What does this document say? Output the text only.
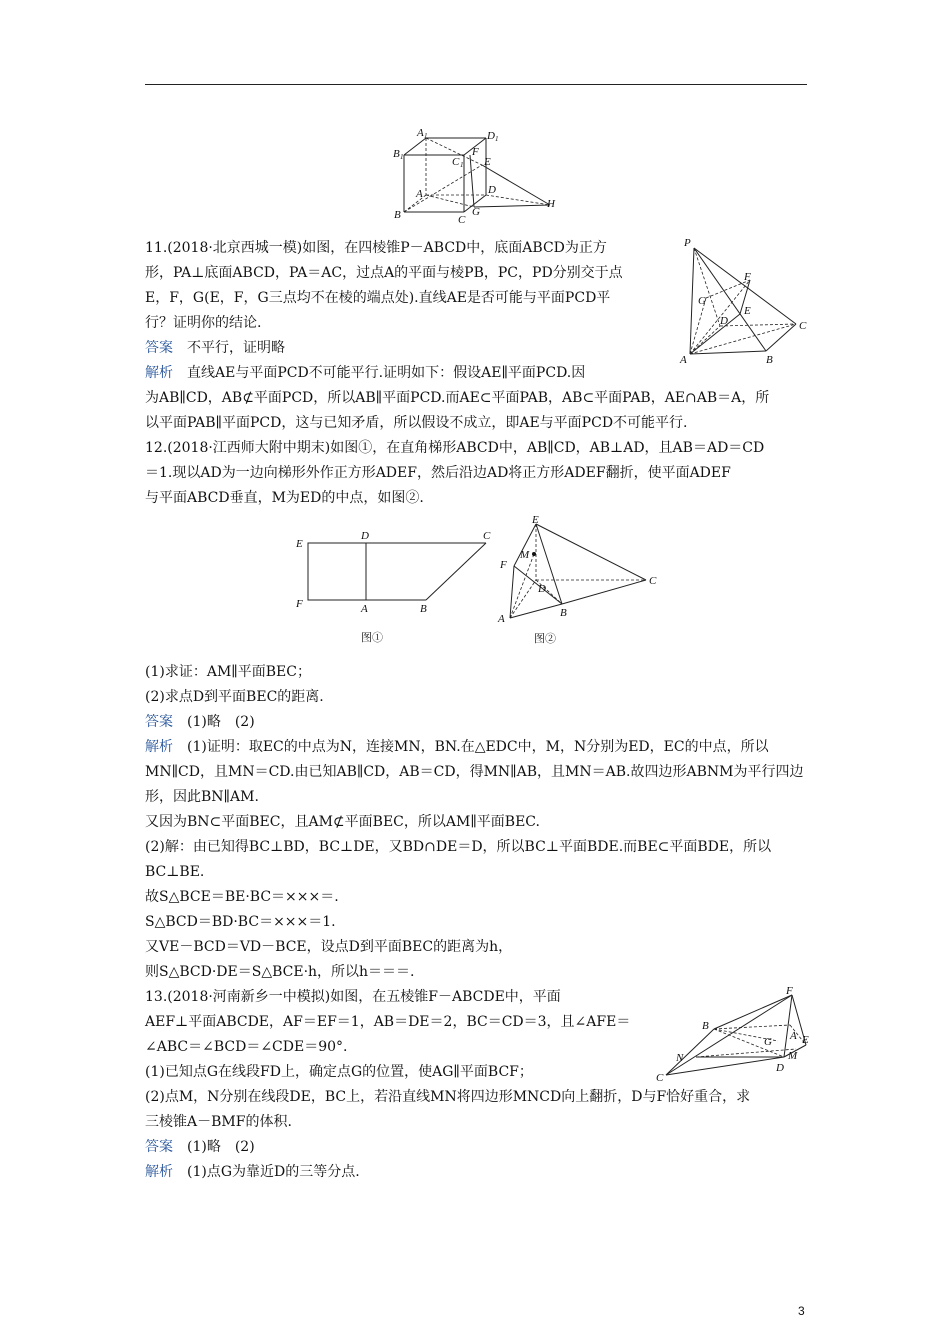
A 1	D 1
B 1	C 1
F
E
A	D
B	C
G
H
P
F
G
E
D	C
A	B
E
D	C
F	A	B
图①
E
M
F
D
C
A	B
图②
F
B
G A E
N	M
C
D
11.(2018·北京西城一模)如图，在四棱锥P－ABCD中，底面ABCD为正方
形，PA⊥底面ABCD，PA＝AC，过点A的平面与棱PB，PC，PD分别交于点
E，F，G(E，F，G三点均不在棱的端点处).直线AE是否可能与平面PCD平
行？证明你的结论.
答案 不平行，证明略
解析 直线AE与平面PCD不可能平行.证明如下：假设AE∥平面PCD.因
为AB∥CD，AB⊄平面PCD，所以AB∥平面PCD.而AE⊂平面PAB，AB⊂平面PAB，AE∩AB＝A，所
以平面PAB∥平面PCD，这与已知矛盾，所以假设不成立，即AE与平面PCD不可能平行.
12.(2018·江西师大附中期末)如图①，在直角梯形ABCD中，AB∥CD，AB⊥AD，且AB＝AD＝CD
＝1.现以AD为一边向梯形外作正方形ADEF，然后沿边AD将正方形ADEF翻折，使平面ADEF
与平面ABCD垂直，M为ED的中点，如图②.
(1)求证：AM∥平面BEC；
(2)求点D到平面BEC的距离.
答案 (1)略　(2)
解析 (1)证明：取EC的中点为N，连接MN，BN.在△EDC中，M，N分别为ED，EC的中点，所以
MN∥CD，且MN＝CD.由已知AB∥CD，AB＝CD，得MN∥AB，且MN＝AB.故四边形ABNM为平行四边
形，因此BN∥AM.
又因为BN⊂平面BEC，且AM⊄平面BEC，所以AM∥平面BEC.
(2)解：由已知得BC⊥BD，BC⊥DE，又BD∩DE＝D，所以BC⊥平面BDE.而BE⊂平面BDE，所以
BC⊥BE.
故S△BCE＝BE·BC＝×××＝.
S△BCD＝BD·BC＝×××＝1.
又VE－BCD＝VD－BCE，设点D到平面BEC的距离为h，
则S△BCD·DE＝S△BCE·h，所以h＝＝＝.
13.(2018·河南新乡一中模拟)如图，在五棱锥F－ABCDE中，平面
AEF⊥平面ABCDE，AF＝EF＝1，AB＝DE＝2，BC＝CD＝3，且∠AFE＝
∠ABC＝∠BCD＝∠CDE＝90°.
(1)已知点G在线段FD上，确定点G的位置，使AG∥平面BCF；
(2)点M，N分别在线段DE，BC上，若沿直线MN将四边形MNCD向上翻折，D与F恰好重合，求
三棱锥A－BMF的体积.
答案 (1)略　(2)
解析 (1)点G为靠近D的三等分点.
3
